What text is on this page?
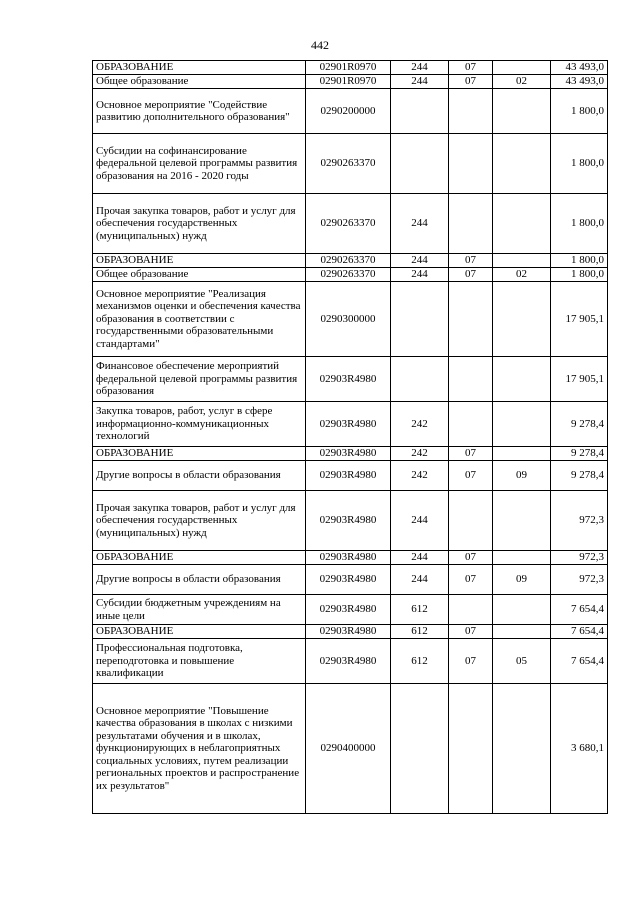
442
ОБРАЗОВАНИЕ	02901R0970	244	07		43 493,0
Общее образование	02901R0970	244	07	02	43 493,0
Основное мероприятие "Содействие развитию дополнительного образования"	0290200000				1 800,0
Субсидии на софинансирование федеральной целевой программы развития образования на 2016 - 2020 годы	0290263370				1 800,0
Прочая закупка товаров, работ и услуг для обеспечения государственных (муниципальных) нужд	0290263370	244			1 800,0
ОБРАЗОВАНИЕ	0290263370	244	07		1 800,0
Общее образование	0290263370	244	07	02	1 800,0
Основное мероприятие "Реализация механизмов оценки и обеспечения качества образования в соответствии с государственными образовательными стандартами"	0290300000				17 905,1
Финансовое обеспечение мероприятий федеральной целевой программы развития образования	02903R4980				17 905,1
Закупка товаров, работ, услуг в сфере информационно-коммуникационных технологий	02903R4980	242			9 278,4
ОБРАЗОВАНИЕ	02903R4980	242	07		9 278,4
Другие вопросы в области образования	02903R4980	242	07	09	9 278,4
Прочая закупка товаров, работ и услуг для обеспечения государственных (муниципальных) нужд	02903R4980	244			972,3
ОБРАЗОВАНИЕ	02903R4980	244	07		972,3
Другие вопросы в области образования	02903R4980	244	07	09	972,3
Субсидии бюджетным учреждениям на иные цели	02903R4980	612			7 654,4
ОБРАЗОВАНИЕ	02903R4980	612	07		7 654,4
Профессиональная подготовка, переподготовка и повышение квалификации	02903R4980	612	07	05	7 654,4
Основное мероприятие "Повышение качества образования в школах с низкими результатами обучения и в школах, функционирующих в неблагоприятных социальных условиях, путем реализации региональных проектов и распространение их результатов"	0290400000				3 680,1
